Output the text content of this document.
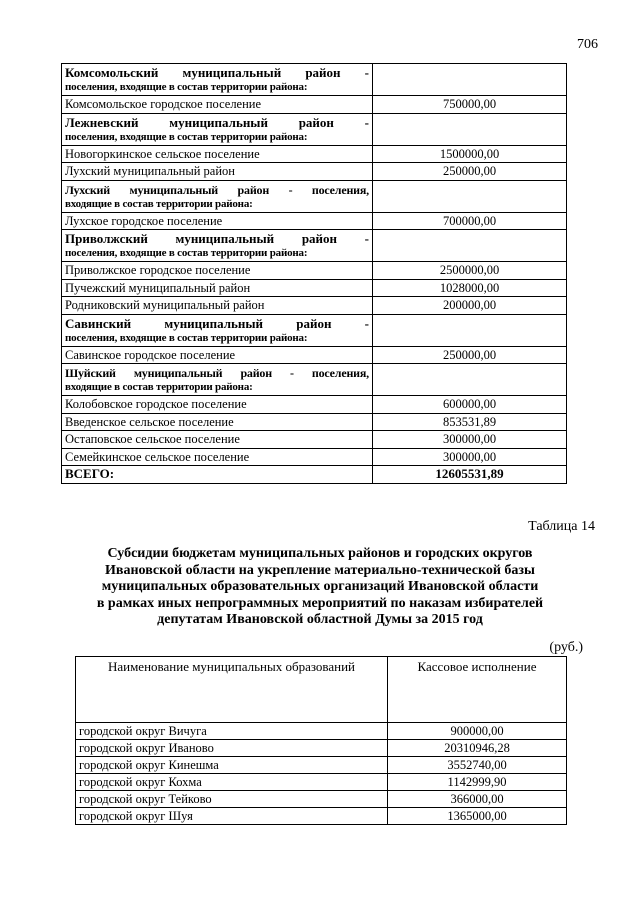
706
Комсомольский муниципальный район -
поселения, входящие в состав территории района:	

Комсомольское городское поселение	750000,00

Лежневский муниципальный район -
поселения, входящие в состав территории района:	

Новогоркинское сельское поселение	1500000,00
Лухский муниципальный район	250000,00

Лухский муниципальный район - поселения,
входящие в состав территории района:	

Лухское городское поселение	700000,00

Приволжский муниципальный район -
поселения, входящие в состав территории района:	

Приволжское городское поселение	2500000,00
Пучежский муниципальный район	1028000,00
Родниковский муниципальный район	200000,00

Савинский муниципальный район -
поселения, входящие в состав территории района:	

Савинское городское поселение	250000,00

Шуйский муниципальный район - поселения,
входящие в состав территории района:	

Колобовское городское поселение	600000,00
Введенское сельское поселение	853531,89
Остаповское сельское поселение	300000,00
Семейкинское сельское поселение	300000,00
ВСЕГО:	12605531,89
Таблица 14
Субсидии бюджетам муниципальных районов и городских округов
Ивановской области на укрепление материально-технической базы
муниципальных образовательных организаций Ивановской области
в рамках иных непрограммных мероприятий по наказам избирателей
депутатам Ивановской областной Думы за 2015 год
(руб.)
Наименование муниципальных образований	Кассовое исполнение
городской округ Вичуга	900000,00
городской округ Иваново	20310946,28
городской округ Кинешма	3552740,00
городской округ Кохма	1142999,90
городской округ Тейково	366000,00
городской округ Шуя	1365000,00
